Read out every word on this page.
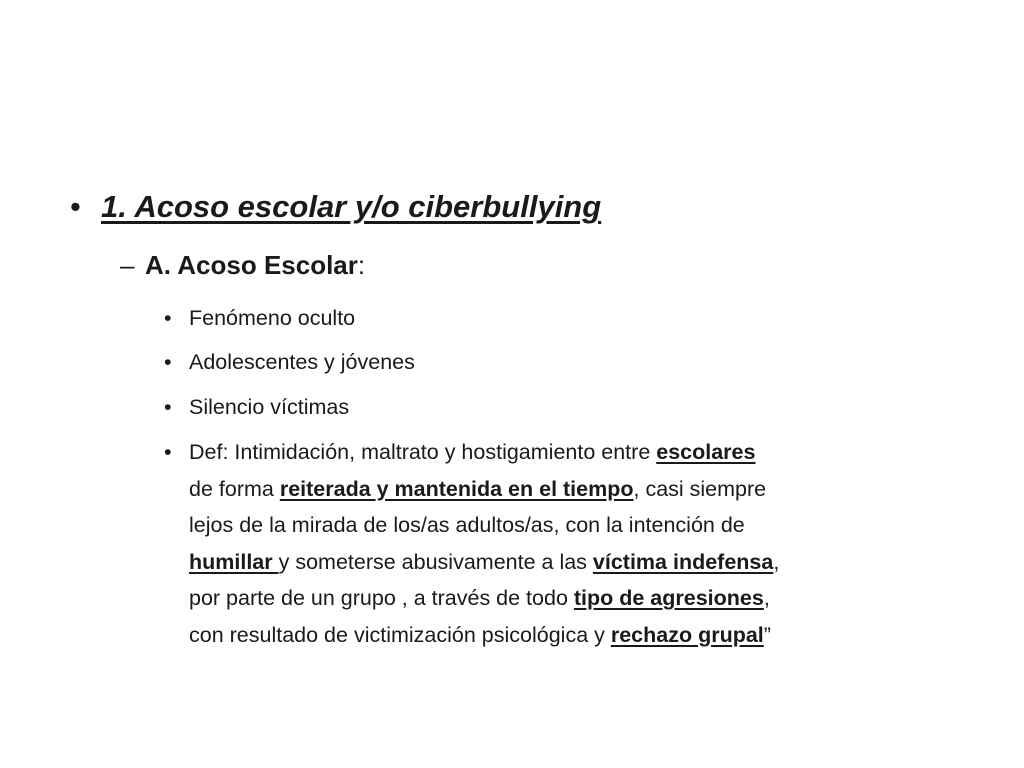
• 1. Acoso escolar y/o ciberbullying
– A. Acoso Escolar:
• Fenómeno oculto
• Adolescentes y jóvenes
• Silencio víctimas
• Def: Intimidación, maltrato y hostigamiento entre escolares
de forma reiterada y mantenida en el tiempo, casi siempre
lejos de la mirada de los/as adultos/as, con la intención de
humillar y someterse abusivamente a las víctima indefensa,
por parte de un grupo , a través de todo tipo de agresiones,
con resultado de victimización psicológica y rechazo grupal”
